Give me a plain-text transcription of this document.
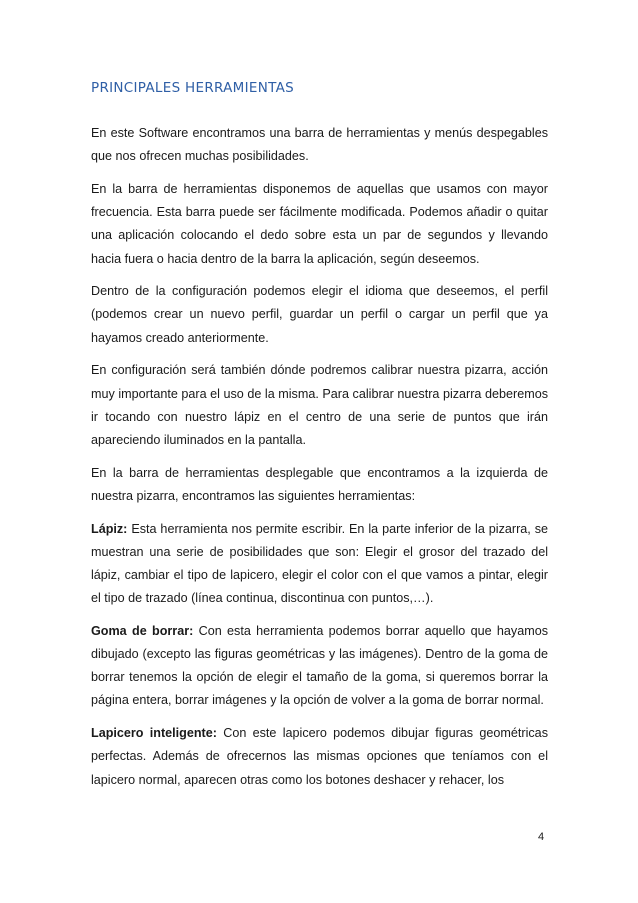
PRINCIPALES HERRAMIENTAS

En este Software encontramos una barra de herramientas y menús despegables que nos ofrecen muchas posibilidades.

En la barra de herramientas disponemos de aquellas que usamos con mayor frecuencia. Esta barra puede ser fácilmente modificada. Podemos añadir o quitar una aplicación colocando el dedo sobre esta un par de segundos y llevando hacia fuera o hacia dentro de la barra la aplicación, según deseemos.

Dentro de la configuración podemos elegir el idioma que deseemos, el perfil (podemos crear un nuevo perfil, guardar un perfil o cargar un perfil que ya hayamos creado anteriormente.

En configuración será también dónde podremos calibrar nuestra pizarra, acción muy importante para el uso de la misma. Para calibrar nuestra pizarra deberemos ir tocando con nuestro lápiz en el centro de una serie de puntos que irán apareciendo iluminados en la pantalla.

En la barra de herramientas desplegable que encontramos a la izquierda de nuestra pizarra, encontramos las siguientes herramientas:

Lápiz: Esta herramienta nos permite escribir. En la parte inferior de la pizarra, se muestran una serie de posibilidades que son: Elegir el grosor del trazado del lápiz, cambiar el tipo de lapicero, elegir el color con el que vamos a pintar, elegir el tipo de trazado (línea continua, discontinua con puntos,…).

Goma de borrar: Con esta herramienta podemos borrar aquello que hayamos dibujado (excepto las figuras geométricas y las imágenes). Dentro de la goma de borrar tenemos la opción de elegir el tamaño de la goma, si queremos borrar la página entera, borrar imágenes y la opción de volver a la goma de borrar normal.

Lapicero inteligente: Con este lapicero podemos dibujar figuras geométricas perfectas. Además de ofrecernos las mismas opciones que teníamos con el lapicero normal, aparecen otras como los botones deshacer y rehacer, los

4
